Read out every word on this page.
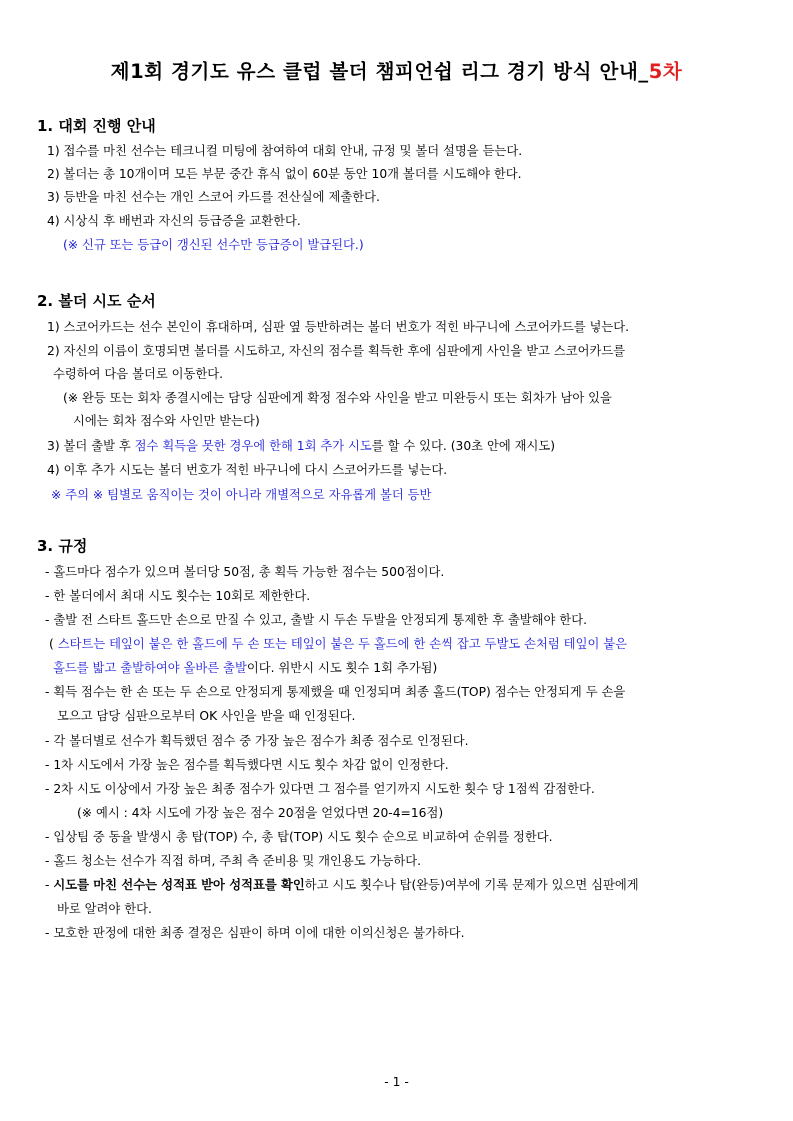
제1회 경기도 유스 클럽 볼더 챔피언쉽 리그 경기 방식 안내_5차
1. 대회 진행 안내
1) 접수를 마친 선수는 테크니컬 미팅에 참여하여 대회 안내, 규정 및 볼더 설명을 듣는다.
2) 볼더는 총 10개이며 모든 부문 중간 휴식 없이 60분 동안 10개 볼더를 시도해야 한다.
3) 등반을 마친 선수는 개인 스코어 카드를 전산실에 제출한다.
4) 시상식 후 배번과 자신의 등급증을 교환한다.
(※ 신규 또는 등급이 갱신된 선수만 등급증이 발급된다.)
2. 볼더 시도 순서
1) 스코어카드는 선수 본인이 휴대하며, 심판 옆 등반하려는 볼더 번호가 적힌 바구니에 스코어카드를 넣는다.
2) 자신의 이름이 호명되면 볼더를 시도하고, 자신의 점수를 획득한 후에 심판에게 사인을 받고 스코어카드를
수령하여 다음 볼더로 이동한다.
(※ 완등 또는 회차 종결시에는 담당 심판에게 확정 점수와 사인을 받고 미완등시 또는 회차가 남아 있을
시에는 회차 점수와 사인만 받는다)
3) 볼더 출발 후 점수 획득을 못한 경우에 한해 1회 추가 시도를 할 수 있다. (30초 안에 재시도)
4) 이후 추가 시도는 볼더 번호가 적힌 바구니에 다시 스코어카드를 넣는다.
※ 주의 ※ 팀별로 움직이는 것이 아니라 개별적으로 자유롭게 볼더 등반
3. 규정
- 홀드마다 점수가 있으며 볼더당 50점, 총 획득 가능한 점수는 500점이다.
- 한 볼더에서 최대 시도 횟수는 10회로 제한한다.
- 출발 전 스타트 홀드만 손으로 만질 수 있고, 출발 시 두손 두발을 안정되게 통제한 후 출발해야 한다.
( 스타트는 테잎이 붙은 한 홀드에 두 손 또는 테잎이 붙은 두 홀드에 한 손씩 잡고 두발도 손처럼 테잎이 붙은
홀드를 밟고 출발하여야 올바른 출발이다. 위반시 시도 횟수 1회 추가됨)
- 획득 점수는 한 손 또는 두 손으로 안정되게 통제했을 때 인정되며 최종 홀드(TOP) 점수는 안정되게 두 손을
모으고 담당 심판으로부터 OK 사인을 받을 때 인정된다.
- 각 볼더별로 선수가 획득했던 점수 중 가장 높은 점수가 최종 점수로 인정된다.
- 1차 시도에서 가장 높은 점수를 획득했다면 시도 횟수 차감 없이 인정한다.
- 2차 시도 이상에서 가장 높은 최종 점수가 있다면 그 점수를 얻기까지 시도한 횟수 당 1점씩 감점한다.
(※ 예시 : 4차 시도에 가장 높은 점수 20점을 얻었다면 20-4=16점)
- 입상팀 중 동율 발생시 총 탑(TOP) 수, 총 탑(TOP) 시도 횟수 순으로 비교하여 순위를 정한다.
- 홀드 청소는 선수가 직접 하며, 주최 측 준비용 및 개인용도 가능하다.
- 시도를 마친 선수는 성적표 받아 성적표를 확인하고 시도 횟수나 탑(완등)여부에 기록 문제가 있으면 심판에게
바로 알려야 한다.
- 모호한 판정에 대한 최종 결정은 심판이 하며 이에 대한 이의신청은 불가하다.
- 1 -
